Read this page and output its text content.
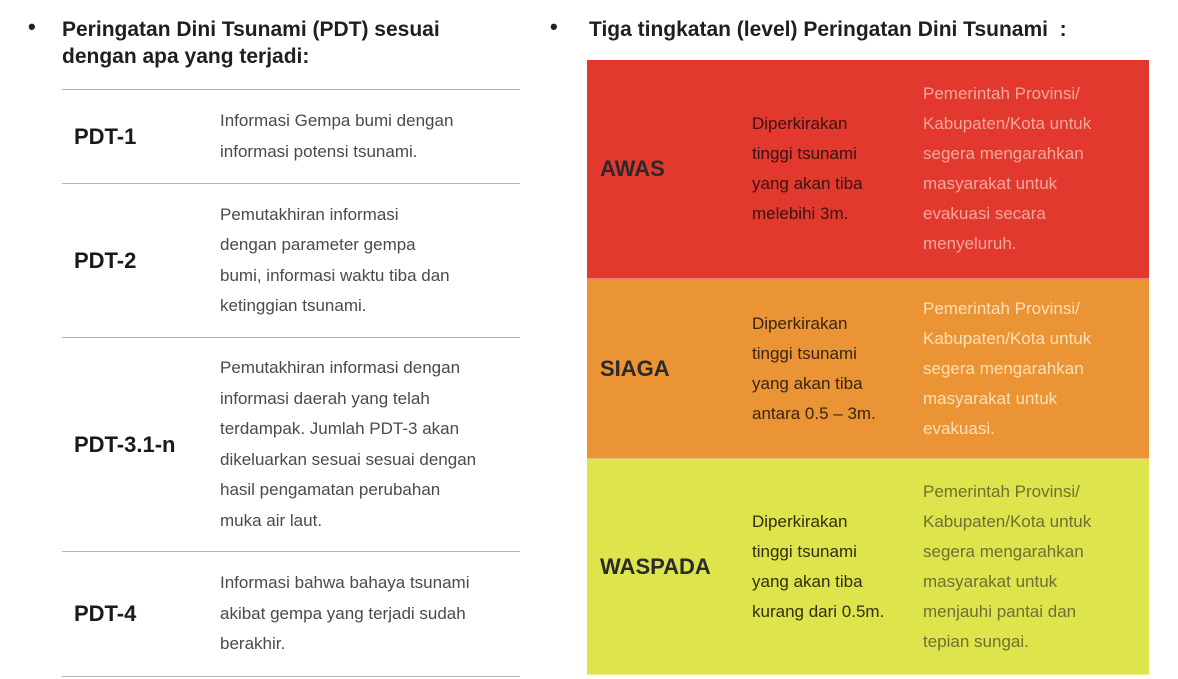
• Peringatan Dini Tsunami (PDT) sesuai
dengan apa yang terjadi:
PDT-1
Informasi Gempa bumi dengan
informasi potensi tsunami.
PDT-2
Pemutakhiran informasi
dengan parameter gempa
bumi, informasi waktu tiba dan
ketinggian tsunami.
PDT-3.1-n
Pemutakhiran informasi dengan
informasi daerah yang telah
terdampak. Jumlah PDT-3 akan
dikeluarkan sesuai sesuai dengan
hasil pengamatan perubahan
muka air laut.
PDT-4
Informasi bahwa bahaya tsunami
akibat gempa yang terjadi sudah
berakhir.
• Tiga tingkatan (level) Peringatan Dini Tsunami  :
AWAS
Diperkirakan
tinggi tsunami
yang akan tiba
melebihi 3m.
Pemerintah Provinsi/
Kabupaten/Kota untuk
segera mengarahkan
masyarakat untuk
evakuasi secara
menyeluruh.
SIAGA
Diperkirakan
tinggi tsunami
yang akan tiba
antara 0.5 – 3m.
Pemerintah Provinsi/
Kabupaten/Kota untuk
segera mengarahkan
masyarakat untuk
evakuasi.
WASPADA
Diperkirakan
tinggi tsunami
yang akan tiba
kurang dari 0.5m.
Pemerintah Provinsi/
Kabupaten/Kota untuk
segera mengarahkan
masyarakat untuk
menjauhi pantai dan
tepian sungai.
